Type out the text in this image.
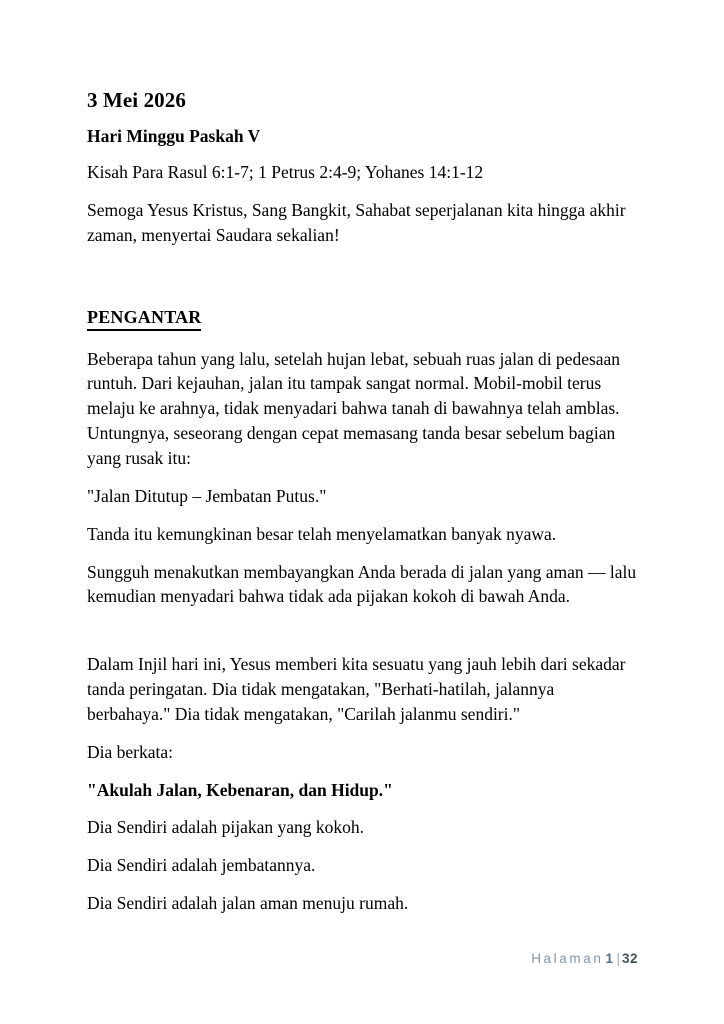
3 Mei 2026
Hari Minggu Paskah V
Kisah Para Rasul 6:1-7; 1 Petrus 2:4-9; Yohanes 14:1-12
Semoga Yesus Kristus, Sang Bangkit, Sahabat seperjalanan kita hingga akhir zaman, menyertai Saudara sekalian!
PENGANTAR
Beberapa tahun yang lalu, setelah hujan lebat, sebuah ruas jalan di pedesaan runtuh. Dari kejauhan, jalan itu tampak sangat normal. Mobil-mobil terus melaju ke arahnya, tidak menyadari bahwa tanah di bawahnya telah amblas. Untungnya, seseorang dengan cepat memasang tanda besar sebelum bagian yang rusak itu:
"Jalan Ditutup – Jembatan Putus."
Tanda itu kemungkinan besar telah menyelamatkan banyak nyawa.
Sungguh menakutkan membayangkan Anda berada di jalan yang aman — lalu kemudian menyadari bahwa tidak ada pijakan kokoh di bawah Anda.
Dalam Injil hari ini, Yesus memberi kita sesuatu yang jauh lebih dari sekadar tanda peringatan. Dia tidak mengatakan, "Berhati-hatilah, jalannya berbahaya." Dia tidak mengatakan, "Carilah jalanmu sendiri."
Dia berkata:
"Akulah Jalan, Kebenaran, dan Hidup."
Dia Sendiri adalah pijakan yang kokoh.
Dia Sendiri adalah jembatannya.
Dia Sendiri adalah jalan aman menuju rumah.
Halaman 1 | 32
